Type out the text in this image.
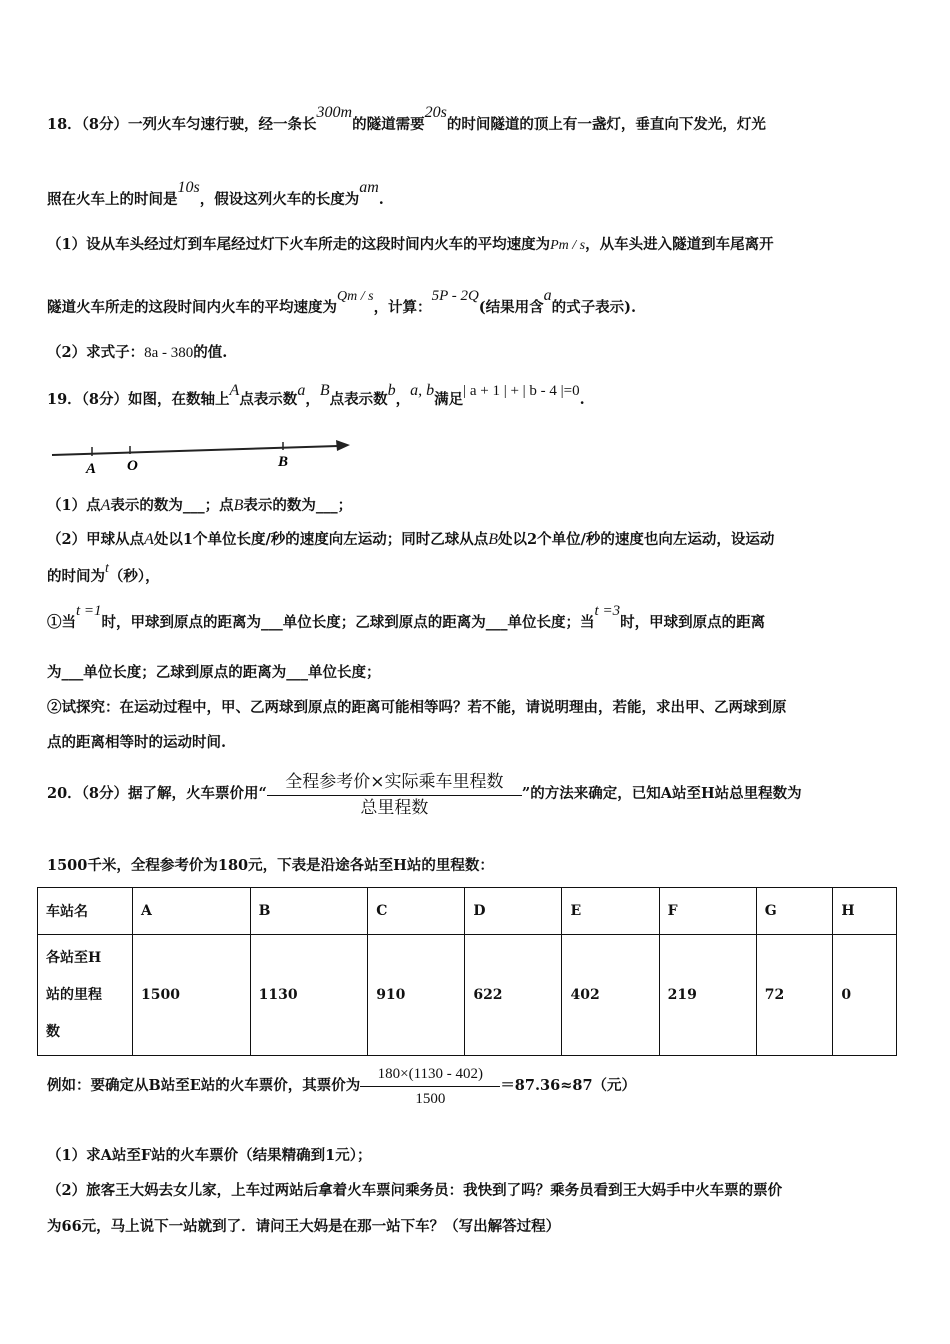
18．（8分）一列火车匀速行驶，经一条长300m的隧道需要20s的时间隧道的顶上有一盏灯，垂直向下发光，灯光
照在火车上的时间是10s，假设这列火车的长度为am.
（1）设从车头经过灯到车尾经过灯下火车所走的这段时间内火车的平均速度为Pm / s，从车头进入隧道到车尾离开
隧道火车所走的这段时间内火车的平均速度为Qm / s，计算：5P - 2Q(结果用含a的式子表示).
（2）求式子：8a - 380的值.
19．（8分）如图，在数轴上A点表示数a，B点表示数b，a, b满足| a + 1 | + | b - 4 |=0.
A O	B
（1）点A表示的数为___；点B表示的数为___；
（2）甲球从点A处以1个单位长度/秒的速度向左运动；同时乙球从点B处以2个单位/秒的速度也向左运动，设运动
的时间为t（秒），
①当t =1时，甲球到原点的距离为___单位长度；乙球到原点的距离为___单位长度；当t =3时，甲球到原点的距离
为___单位长度；乙球到原点的距离为___单位长度；
②试探究：在运动过程中，甲、乙两球到原点的距离可能相等吗？若不能，请说明理由，若能，求出甲、乙两球到原
点的距离相等时的运动时间.
20．（8分）据了解，火车票价用“ $\frac{\text{全程参考价×实际乘车里程数}}{\text{总里程数}}$ ”的方法来确定，已知A站至H站总里程数为
1500千米，全程参考价为180元，下表是沿途各站至H站的里程数：
车站名	A	B	C	D	E	F	G	H

各站至H
站的里程
数	1500	1130	910	622	402	219	72	0
例如：要确定从B站至E站的火车票价，其票价为 $\frac{180\times(1130 - 402)}{1500} =87.36\approx 87$（元）
（1）求A站至F站的火车票价（结果精确到1元）；
（2）旅客王大妈去女儿家，上车过两站后拿着火车票问乘务员：我快到了吗？乘务员看到王大妈手中火车票的票价
为66元，马上说下一站就到了．请问王大妈是在那一站下车？（写出解答过程）
